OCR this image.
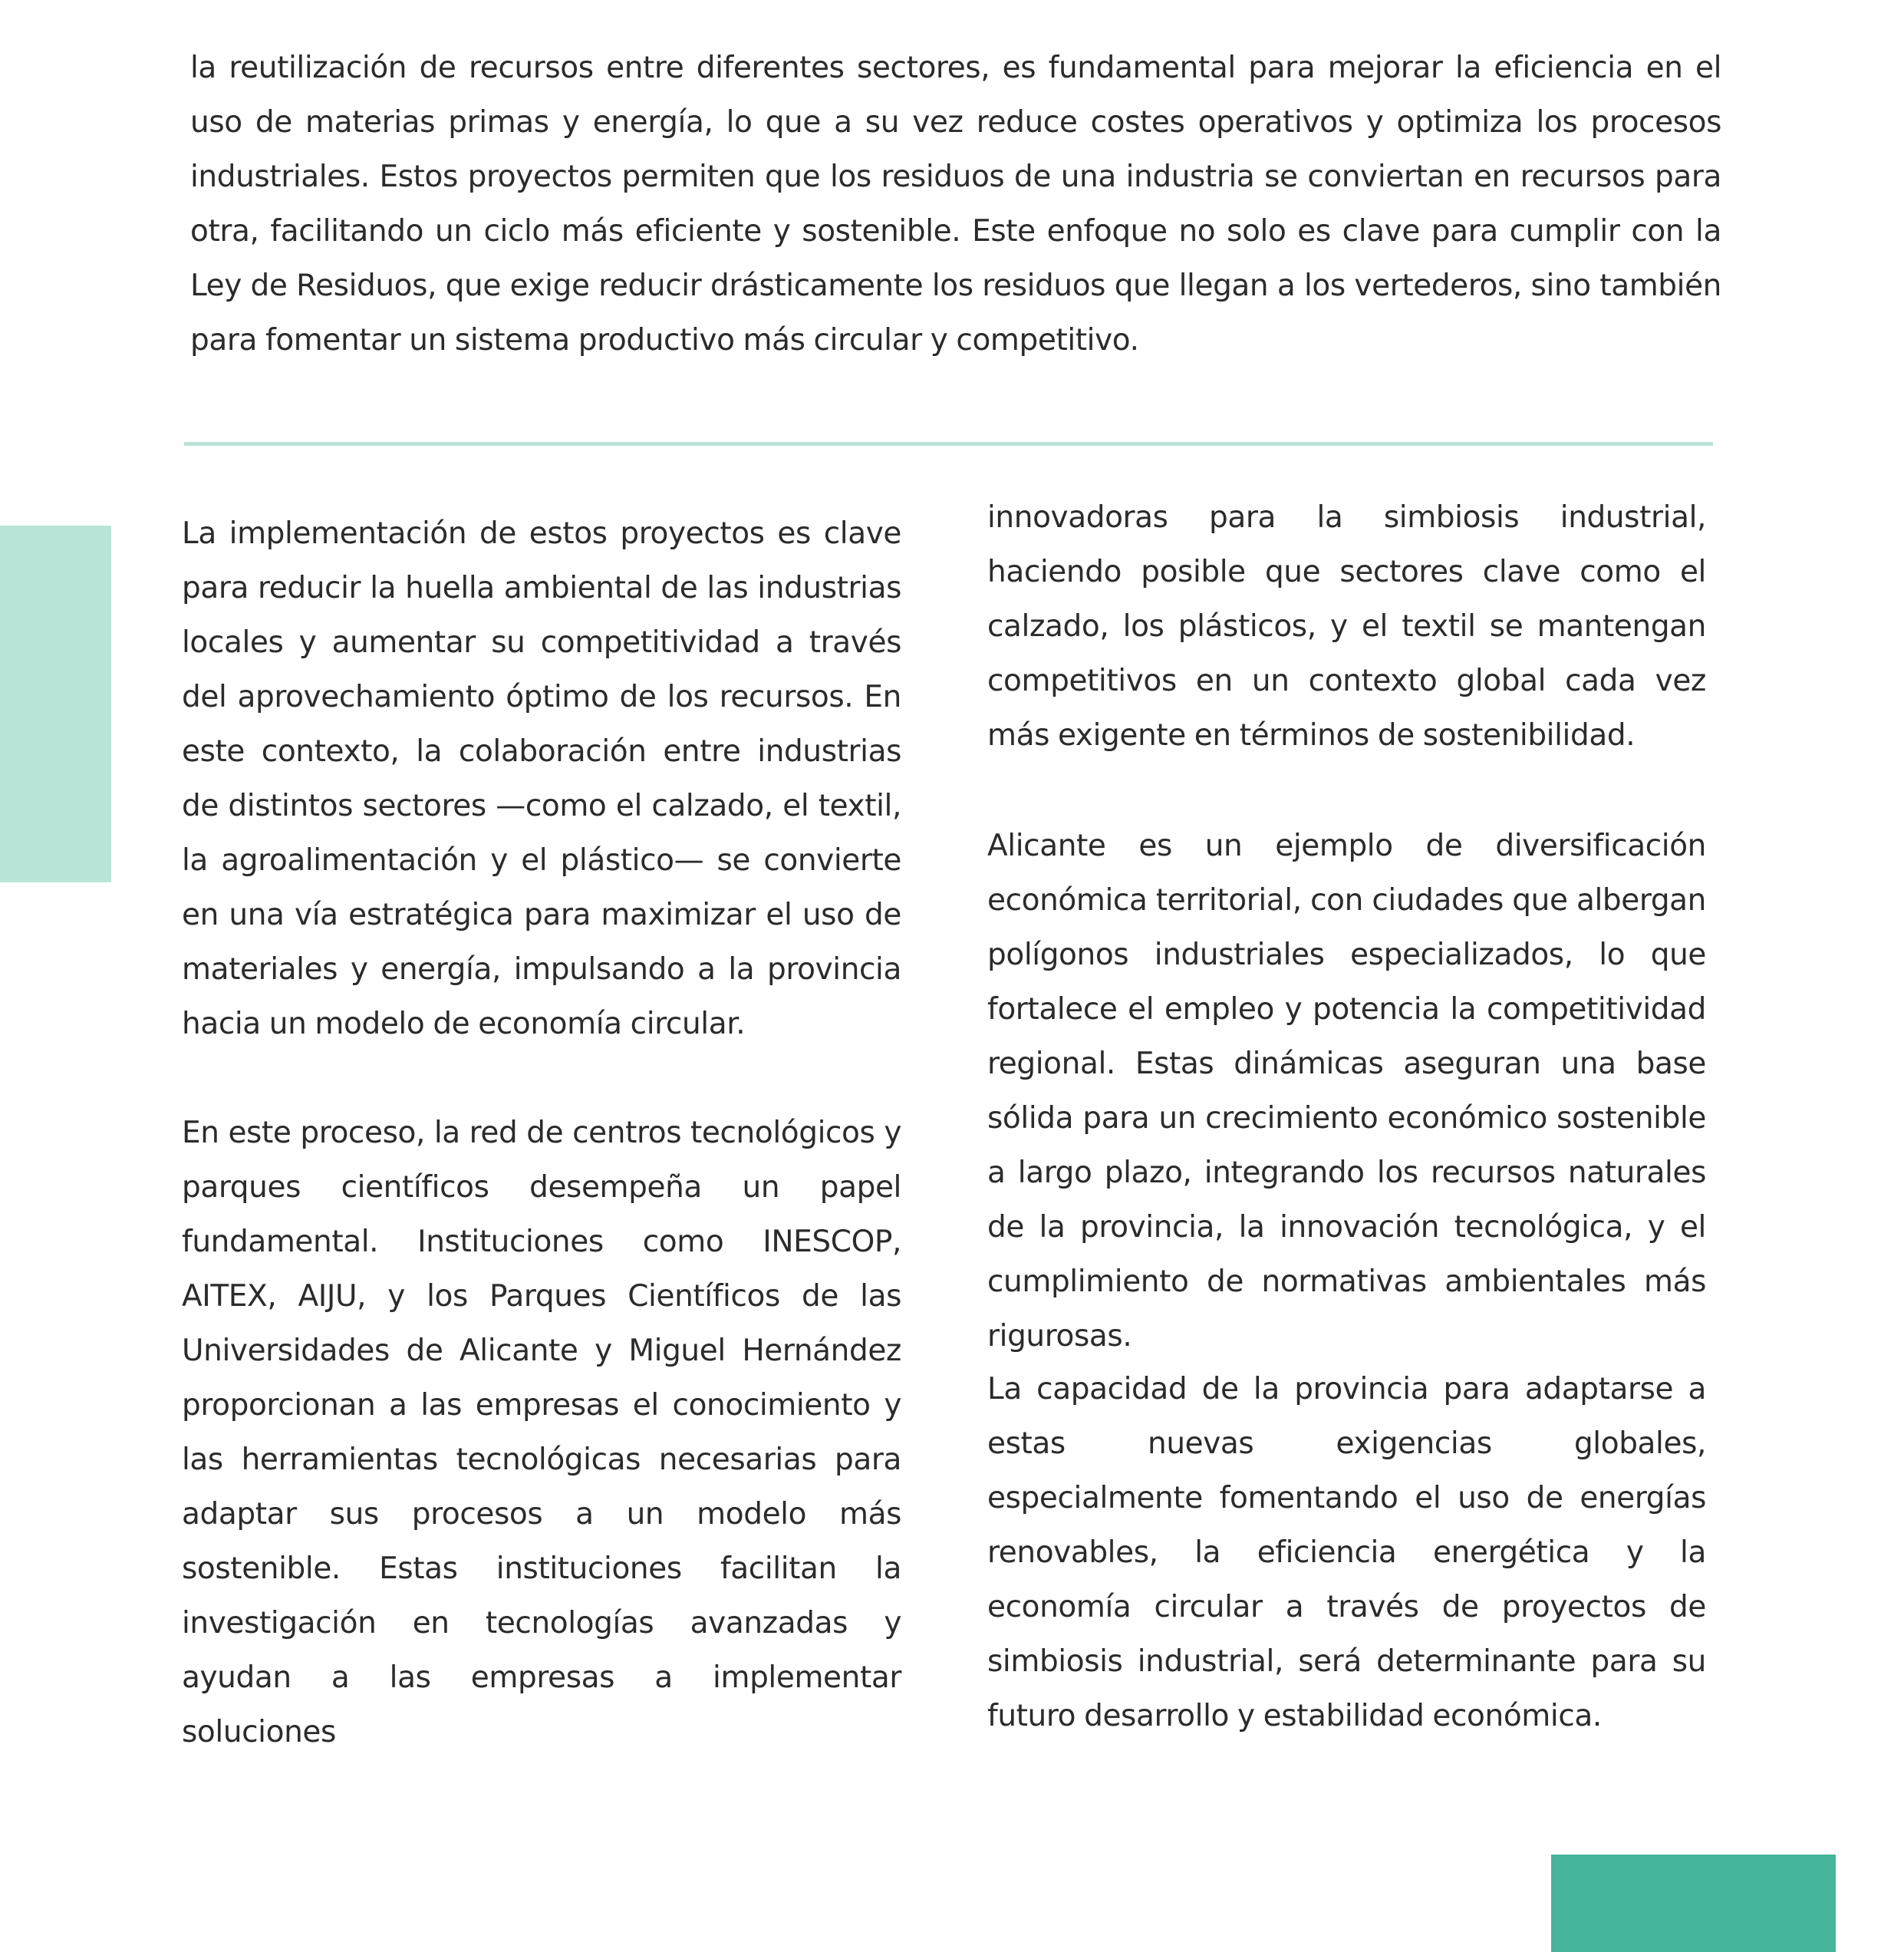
la reutilización de recursos entre diferentes sectores, es fundamental para mejorar la eficiencia en el uso de materias primas y energía, lo que a su vez reduce costes operativos y optimiza los procesos industriales. Estos proyectos permiten que los residuos de una industria se conviertan en recursos para otra, facilitando un ciclo más eficiente y sostenible. Este enfoque no solo es clave para cumplir con la Ley de Residuos, que exige reducir drásticamente los residuos que llegan a los vertederos, sino también para fomentar un sistema productivo más circular y competitivo.

La implementación de estos proyectos es clave para reducir la huella ambiental de las industrias locales y aumentar su competitividad a través del aprovechamiento óptimo de los recursos. En este contexto, la colaboración entre industrias de distintos sectores —como el calzado, el textil, la agroalimentación y el plástico— se convierte en una vía estratégica para maximizar el uso de materiales y energía, impulsando a la provincia hacia un modelo de economía circular.

En este proceso, la red de centros tecnológicos y parques científicos desempeña un papel fundamental. Instituciones como INESCOP, AITEX, AIJU, y los Parques Científicos de las Universidades de Alicante y Miguel Hernández proporcionan a las empresas el conocimiento y las herramientas tecnológicas necesarias para adaptar sus procesos a un modelo más sostenible. Estas instituciones facilitan la investigación en tecnologías avanzadas y ayudan a las empresas a implementar soluciones

innovadoras para la simbiosis industrial, haciendo posible que sectores clave como el calzado, los plásticos, y el textil se mantengan competitivos en un contexto global cada vez más exigente en términos de sostenibilidad.

Alicante es un ejemplo de diversificación económica territorial, con ciudades que albergan polígonos industriales especializados, lo que fortalece el empleo y potencia la competitividad regional. Estas dinámicas aseguran una base sólida para un crecimiento económico sostenible a largo plazo, integrando los recursos naturales de la provincia, la innovación tecnológica, y el cumplimiento de normativas ambientales más rigurosas.

La capacidad de la provincia para adaptarse a estas nuevas exigencias globales, especialmente fomentando el uso de energías renovables, la eficiencia energética y la economía circular a través de proyectos de simbiosis industrial, será determinante para su futuro desarrollo y estabilidad económica.
